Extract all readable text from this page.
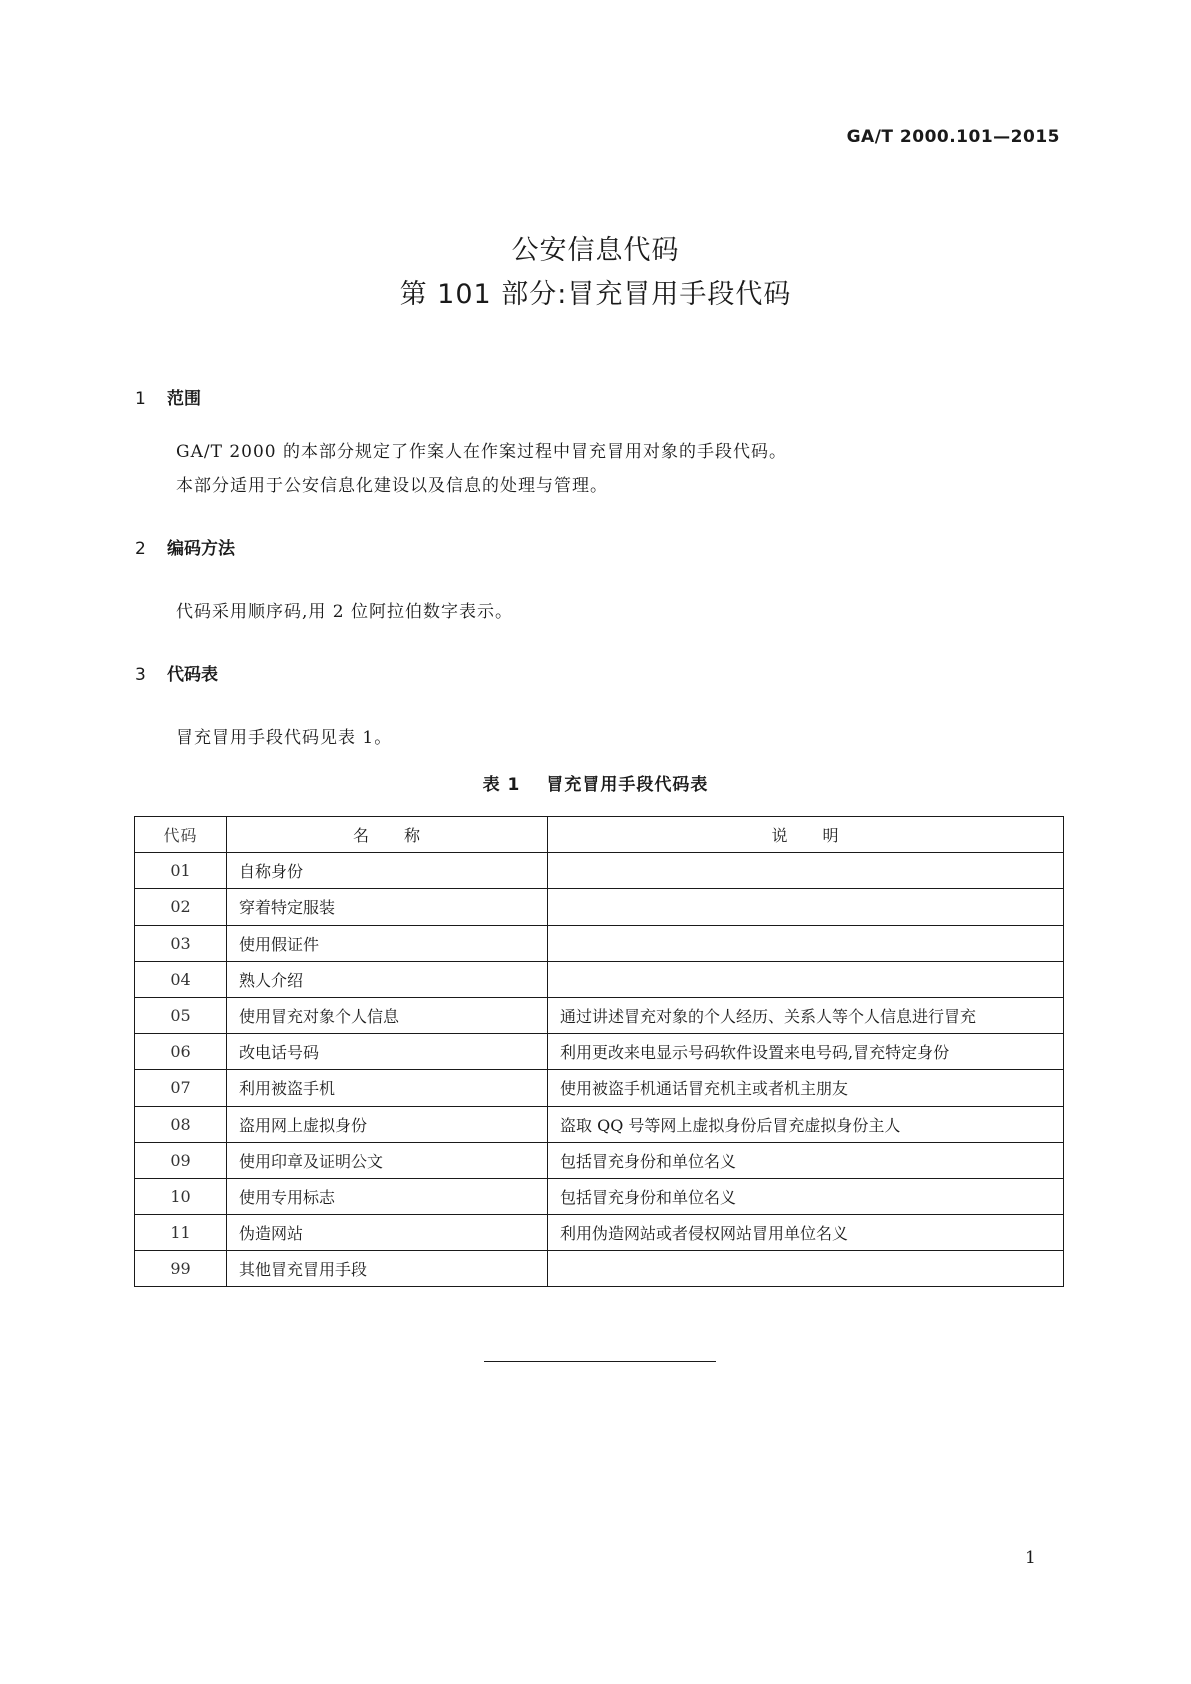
GA/T 2000.101—2015
公安信息代码
第 101 部分:冒充冒用手段代码
1 范围
GA/T 2000 的本部分规定了作案人在作案过程中冒充冒用对象的手段代码。
本部分适用于公安信息化建设以及信息的处理与管理。
2 编码方法
代码采用顺序码,用 2 位阿拉伯数字表示。
3 代码表
冒充冒用手段代码见表 1。
表 1 冒充冒用手段代码表
代码	名　　称	说　　明
01	自称身份	
02	穿着特定服装	
03	使用假证件	
04	熟人介绍	
05	使用冒充对象个人信息	通过讲述冒充对象的个人经历、关系人等个人信息进行冒充
06	改电话号码	利用更改来电显示号码软件设置来电号码,冒充特定身份
07	利用被盗手机	使用被盗手机通话冒充机主或者机主朋友
08	盗用网上虚拟身份	盗取 QQ 号等网上虚拟身份后冒充虚拟身份主人
09	使用印章及证明公文	包括冒充身份和单位名义
10	使用专用标志	包括冒充身份和单位名义
11	伪造网站	利用伪造网站或者侵权网站冒用单位名义
99	其他冒充冒用手段	
1
